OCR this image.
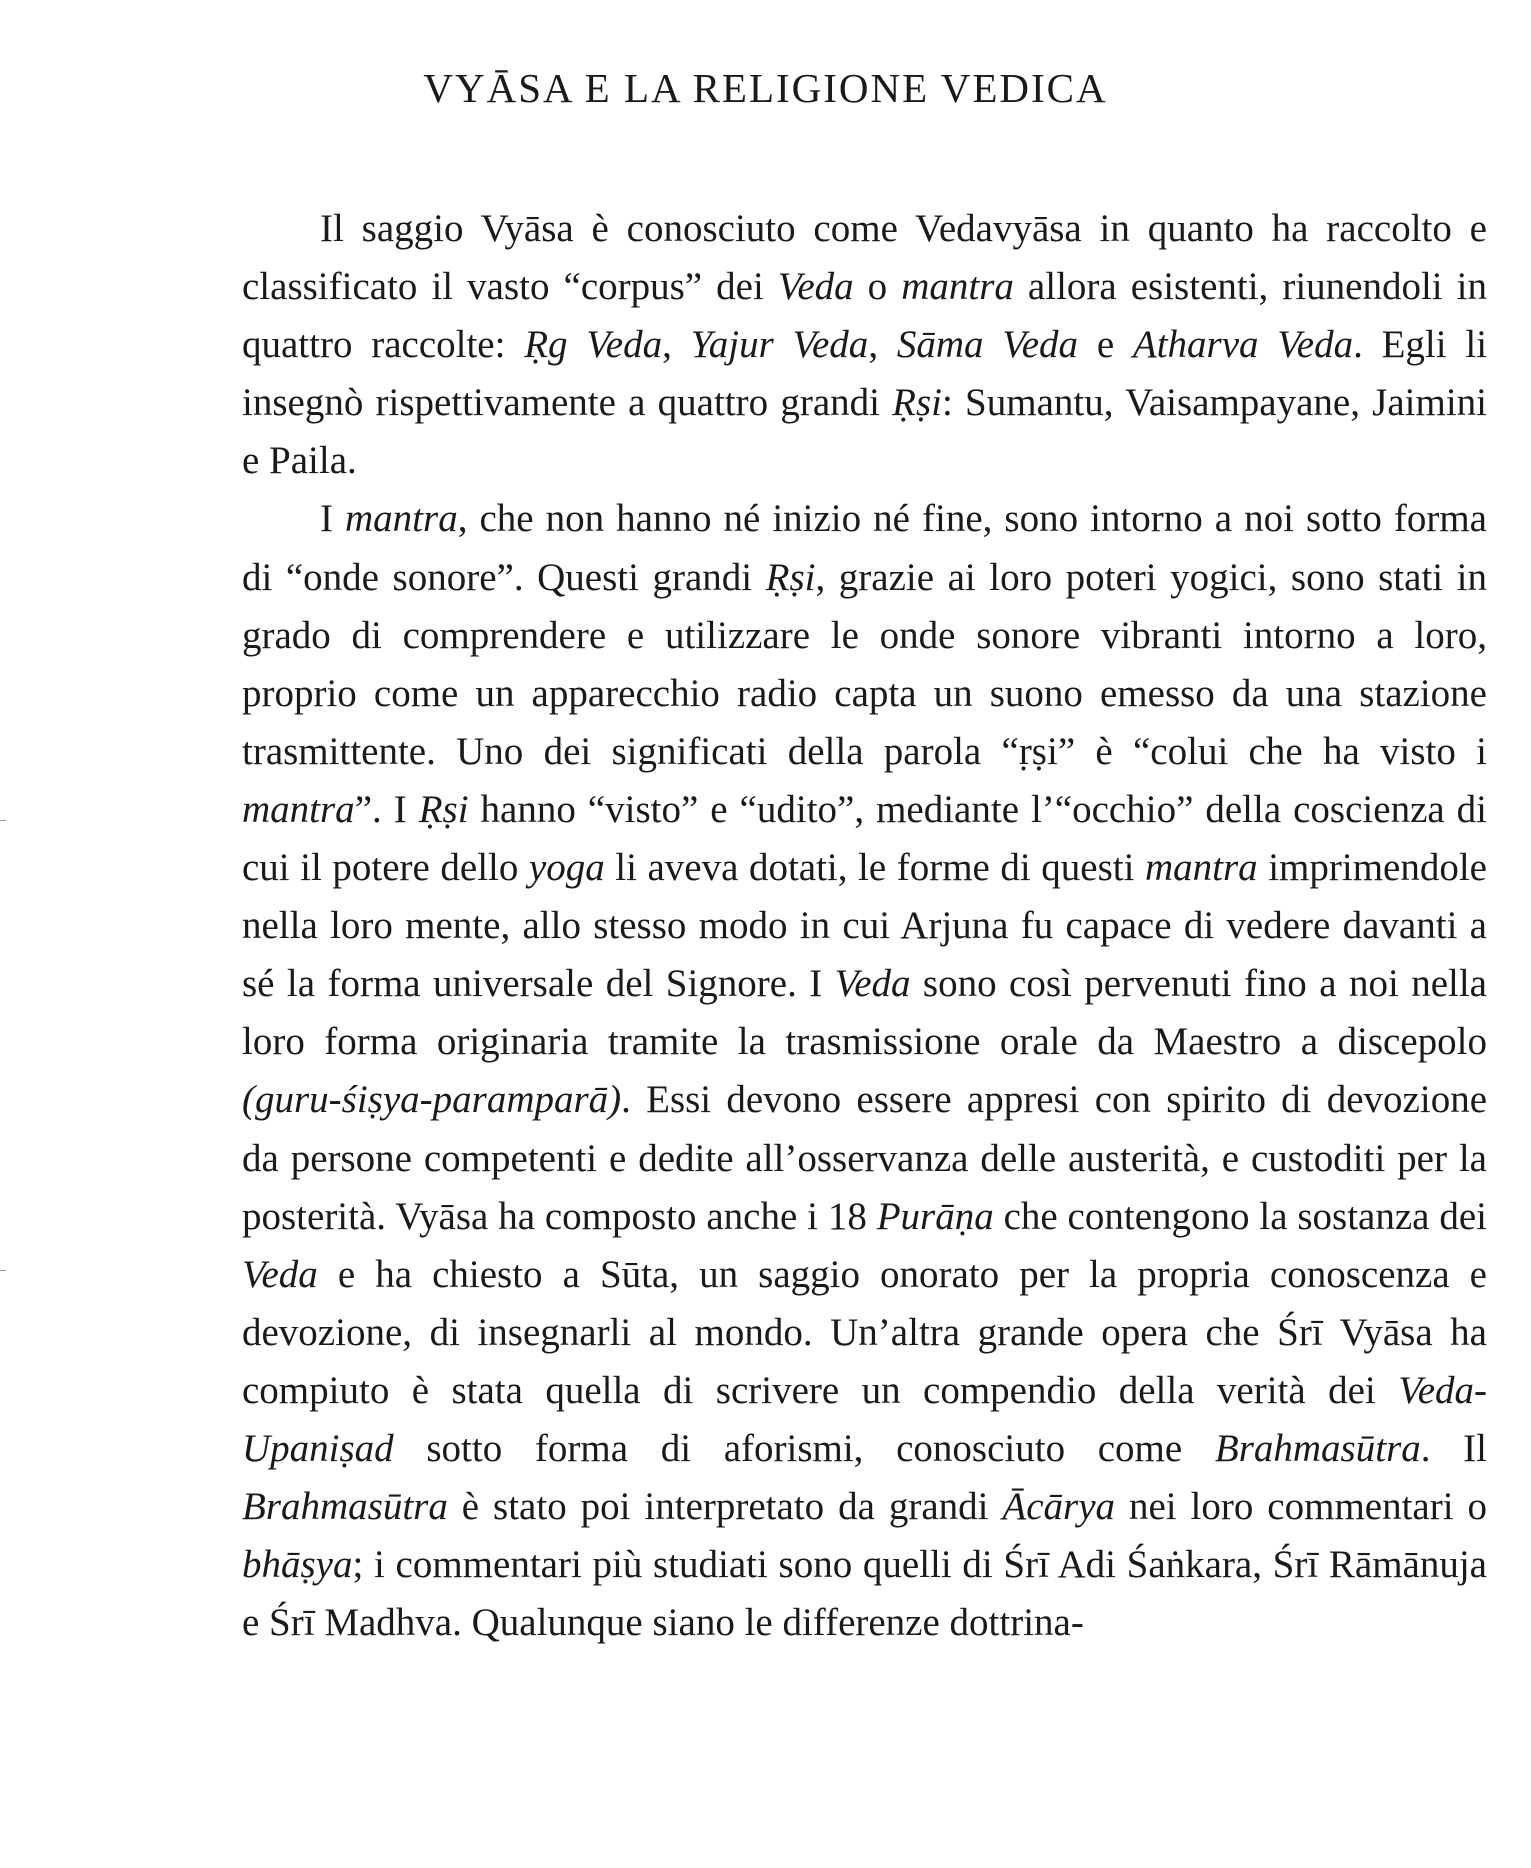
VYĀSA E LA RELIGIONE VEDICA

Il saggio Vyāsa è conosciuto come Vedavyāsa in quanto ha raccolto e classificato il vasto “corpus” dei Veda o mantra allora esistenti, riunendoli in quattro raccolte: Ṛg Veda, Yajur Veda, Sāma Veda e Atharva Veda. Egli li insegnò rispettivamente a quattro grandi Ṛṣi: Sumantu, Vaisampayane, Jaimini e Paila.

I mantra, che non hanno né inizio né fine, sono intorno a noi sotto forma di “onde sonore”. Questi grandi Ṛṣi, grazie ai loro poteri yogici, sono stati in grado di comprendere e utilizzare le onde sonore vibranti intorno a loro, proprio come un apparecchio radio capta un suono emesso da una stazione trasmittente. Uno dei significati della parola “ṛṣi” è “colui che ha visto i mantra”. I Ṛṣi hanno “visto” e “udito”, mediante l’“occhio” della coscienza di cui il potere dello yoga li aveva dotati, le forme di questi mantra imprimendole nella loro mente, allo stesso modo in cui Arjuna fu capace di vedere davanti a sé la forma universale del Signore. I Veda sono così pervenuti fino a noi nella loro forma originaria tramite la trasmissione orale da Maestro a discepolo (guru-śiṣya-paramparā). Essi devono essere appresi con spirito di devozione da persone competenti e dedite all’osservanza delle austerità, e custoditi per la posterità. Vyāsa ha composto anche i 18 Purāṇa che contengono la sostanza dei Veda e ha chiesto a Sūta, un saggio onorato per la propria conoscenza e devozione, di insegnarli al mondo. Un’altra grande opera che Śrī Vyāsa ha compiuto è stata quella di scrivere un compendio della verità dei Veda-Upaniṣad sotto forma di aforismi, conosciuto come Brahmasūtra. Il Brahmasūtra è stato poi interpretato da grandi Ācārya nei loro commentari o bhāṣya; i commentari più studiati sono quelli di Śrī Adi Śaṅkara, Śrī Rāmānuja e Śrī Madhva. Qualunque siano le differenze dottrina-
